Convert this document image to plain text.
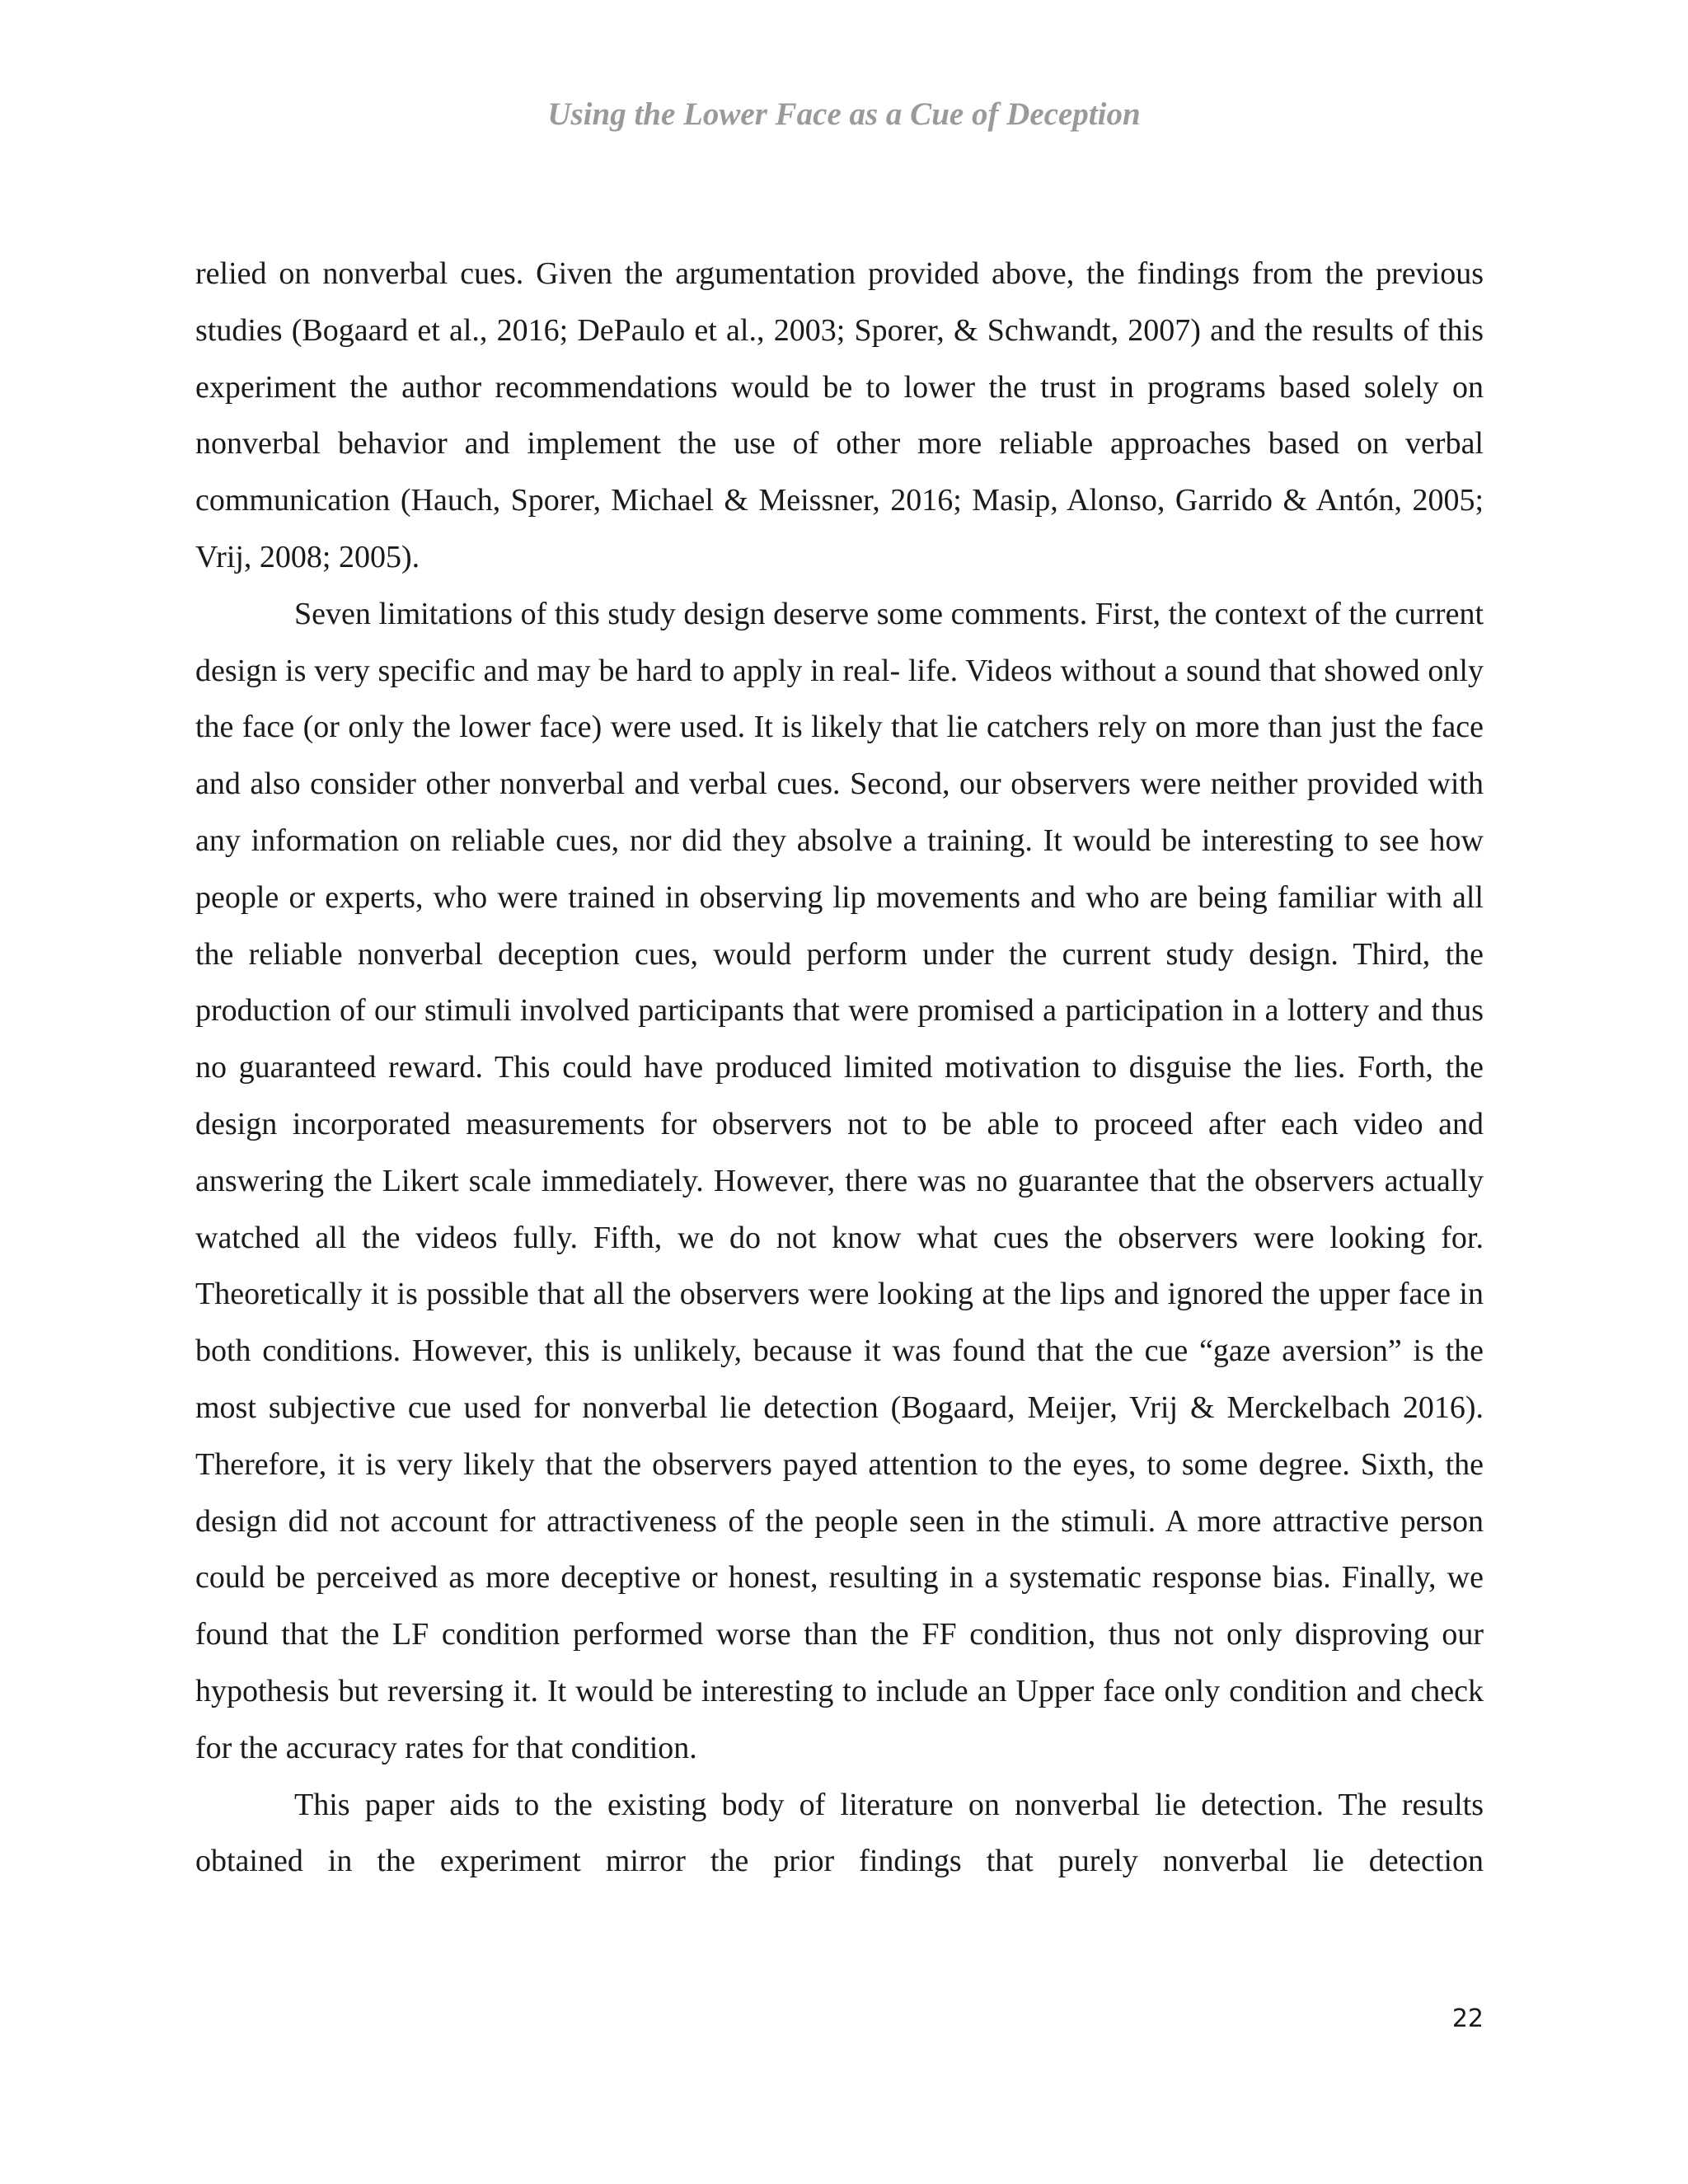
Using the Lower Face as a Cue of Deception

relied on nonverbal cues. Given the argumentation provided above, the findings from the previous studies (Bogaard et al., 2016; DePaulo et al., 2003; Sporer, & Schwandt, 2007) and the results of this experiment the author recommendations would be to lower the trust in programs based solely on nonverbal behavior and implement the use of other more reliable approaches based on verbal communication (Hauch, Sporer, Michael & Meissner, 2016; Masip, Alonso, Garrido & Antón, 2005; Vrij, 2008; 2005).

Seven limitations of this study design deserve some comments. First, the context of the current design is very specific and may be hard to apply in real- life. Videos without a sound that showed only the face (or only the lower face) were used. It is likely that lie catchers rely on more than just the face and also consider other nonverbal and verbal cues. Second, our observers were neither provided with any information on reliable cues, nor did they absolve a training. It would be interesting to see how people or experts, who were trained in observing lip movements and who are being familiar with all the reliable nonverbal deception cues, would perform under the current study design. Third, the production of our stimuli involved participants that were promised a participation in a lottery and thus no guaranteed reward. This could have produced limited motivation to disguise the lies. Forth, the design incorporated measurements for observers not to be able to proceed after each video and answering the Likert scale immediately. However, there was no guarantee that the observers actually watched all the videos fully. Fifth, we do not know what cues the observers were looking for. Theoretically it is possible that all the observers were looking at the lips and ignored the upper face in both conditions. However, this is unlikely, because it was found that the cue “gaze aversion” is the most subjective cue used for nonverbal lie detection (Bogaard, Meijer, Vrij & Merckelbach 2016). Therefore, it is very likely that the observers payed attention to the eyes, to some degree. Sixth, the design did not account for attractiveness of the people seen in the stimuli. A more attractive person could be perceived as more deceptive or honest, resulting in a systematic response bias. Finally, we found that the LF condition performed worse than the FF condition, thus not only disproving our hypothesis but reversing it. It would be interesting to include an Upper face only condition and check for the accuracy rates for that condition.

This paper aids to the existing body of literature on nonverbal lie detection. The results obtained in the experiment mirror the prior findings that purely nonverbal lie detection

22
